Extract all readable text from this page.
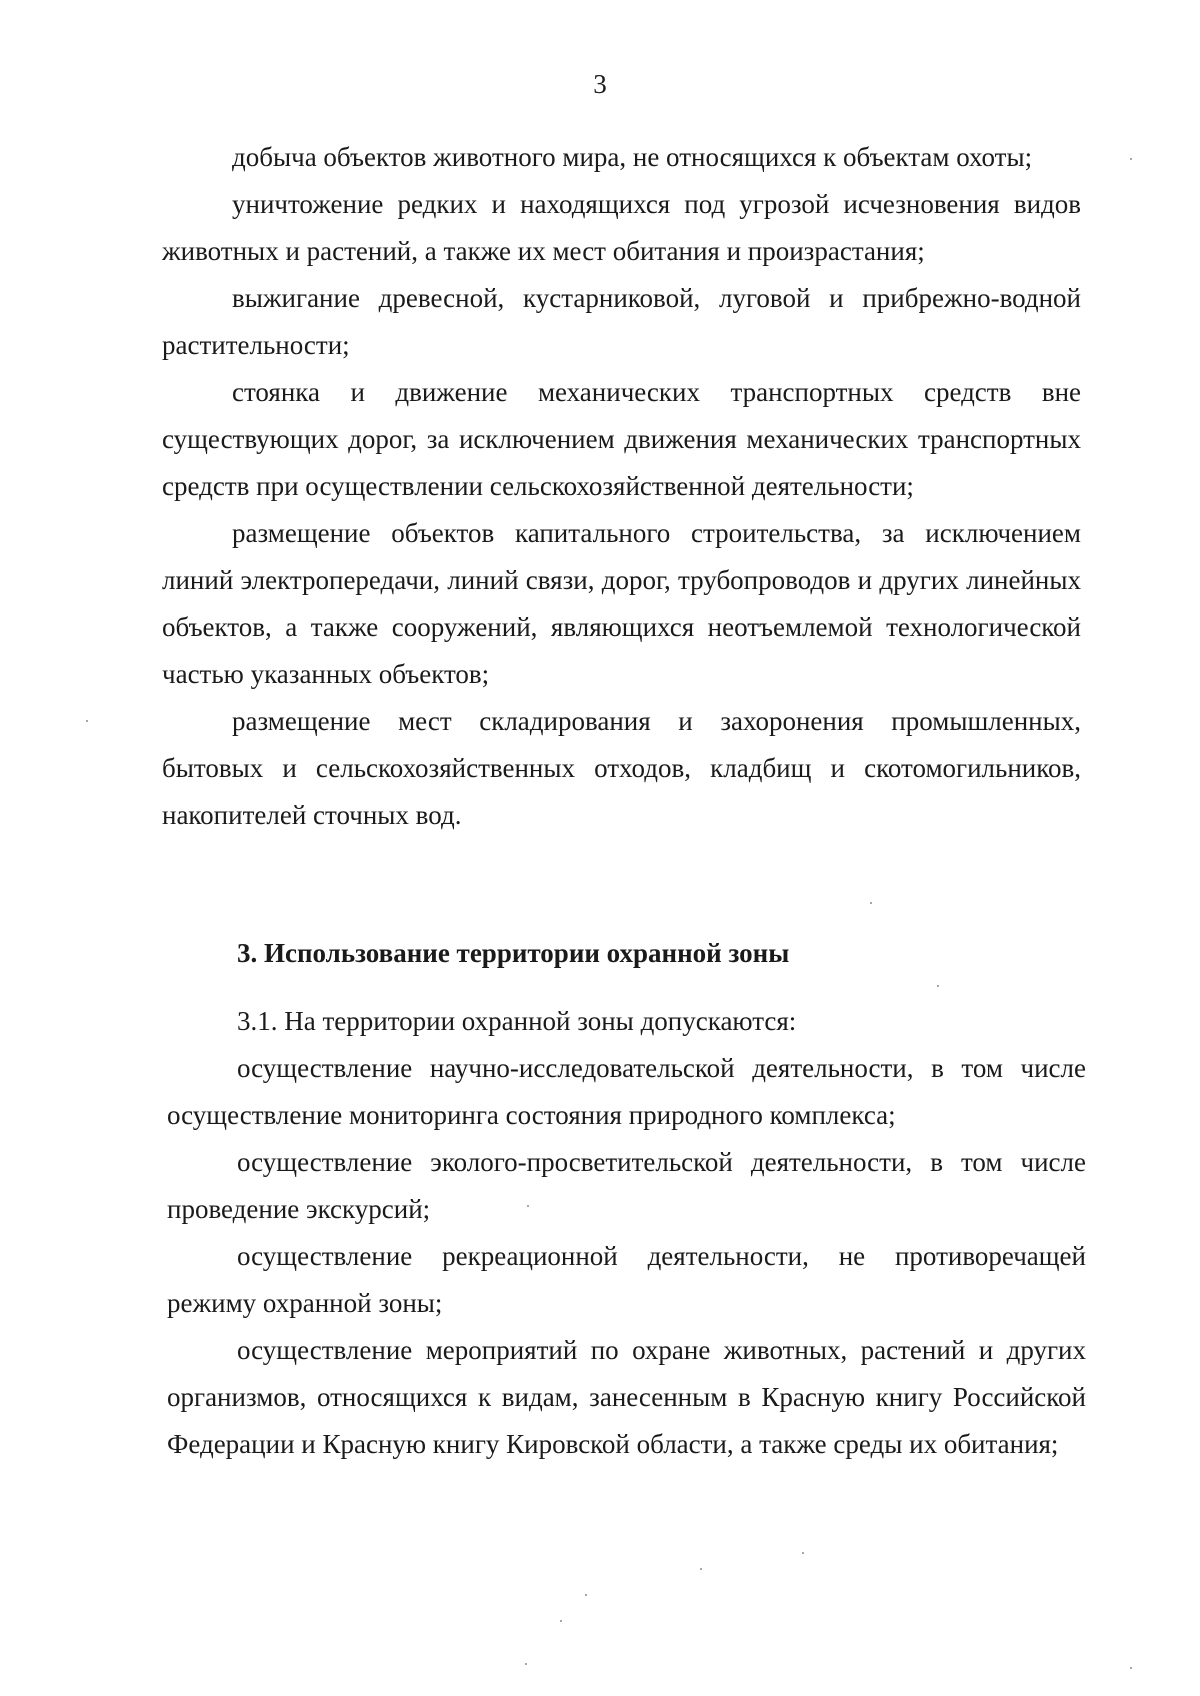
3

добыча объектов животного мира, не относящихся к объектам охоты;

уничтожение редких и находящихся под угрозой исчезновения видов животных и растений, а также их мест обитания и произрастания;

выжигание древесной, кустарниковой, луговой и прибрежно-водной растительности;

стоянка и движение механических транспортных средств вне существующих дорог, за исключением движения механических транспортных средств при осуществлении сельскохозяйственной деятельности;

размещение объектов капитального строительства, за исключением линий электропередачи, линий связи, дорог, трубопроводов и других линейных объектов, а также сооружений, являющихся неотъемлемой технологической частью указанных объектов;

размещение мест складирования и захоронения промышленных, бытовых и сельскохозяйственных отходов, кладбищ и скотомогильников, накопителей сточных вод.

3. Использование территории охранной зоны

3.1. На территории охранной зоны допускаются:

осуществление научно-исследовательской деятельности, в том числе осуществление мониторинга состояния природного комплекса;

осуществление эколого-просветительской деятельности, в том числе проведение экскурсий;

осуществление рекреационной деятельности, не противоречащей режиму охранной зоны;

осуществление мероприятий по охране животных, растений и других организмов, относящихся к видам, занесенным в Красную книгу Российской Федерации и Красную книгу Кировской области, а также среды их обитания;
